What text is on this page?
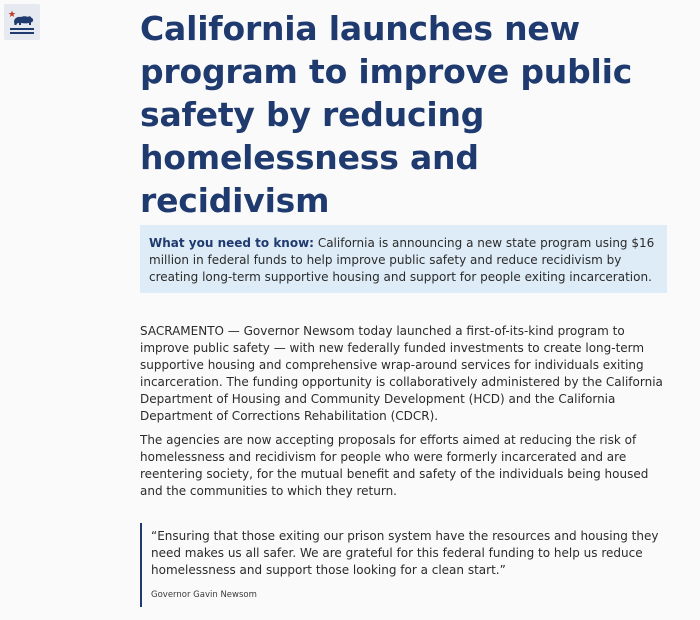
California launches new
program to improve public
safety by reducing
homelessness and recidivism
What you need to know: California is announcing a new state program using $16 million in federal funds to help improve public safety and reduce recidivism by creating long-term supportive housing and support for people exiting incarceration.

SACRAMENTO — Governor Newsom today launched a first-of-its-kind program to improve public safety — with new federally funded investments to create long-term supportive housing and comprehensive wrap-around services for individuals exiting incarceration. The funding opportunity is collaboratively administered by the California Department of Housing and Community Development (HCD) and the California Department of Corrections Rehabilitation (CDCR).

The agencies are now accepting proposals for efforts aimed at reducing the risk of homelessness and recidivism for people who were formerly incarcerated and are reentering society, for the mutual benefit and safety of the individuals being housed and the communities to which they return.

“Ensuring that those exiting our prison system have the resources and housing they need makes us all safer. We are grateful for this federal funding to help us reduce homelessness and support those looking for a clean start.”

Governor Gavin Newsom
